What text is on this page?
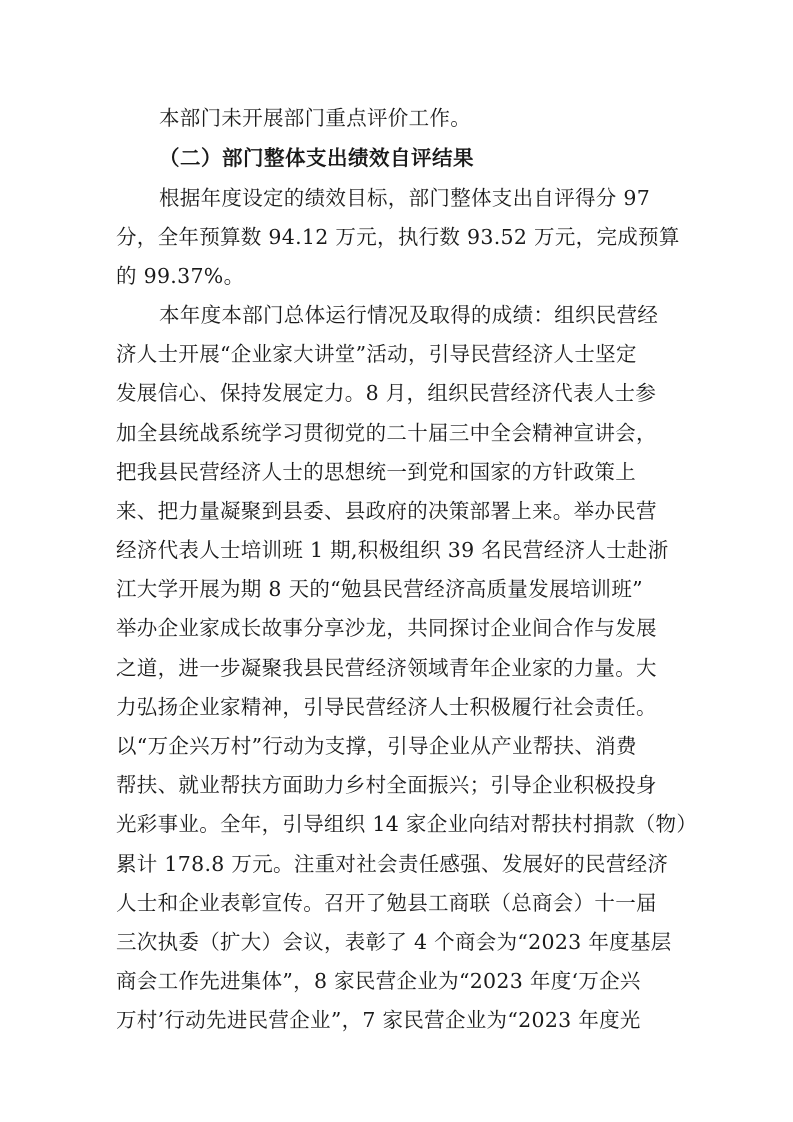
本部门未开展部门重点评价工作。
（二）部门整体支出绩效自评结果
根据年度设定的绩效目标，部门整体支出自评得分 97
分，全年预算数 94.12 万元，执行数 93.52 万元，完成预算
的 99.37%。
本年度本部门总体运行情况及取得的成绩：组织民营经
济人士开展“企业家大讲堂”活动，引导民营经济人士坚定
发展信心、保持发展定力。8 月，组织民营经济代表人士参
加全县统战系统学习贯彻党的二十届三中全会精神宣讲会，
把我县民营经济人士的思想统一到党和国家的方针政策上
来、把力量凝聚到县委、县政府的决策部署上来。举办民营
经济代表人士培训班 1 期,积极组织 39 名民营经济人士赴浙
江大学开展为期 8 天的“勉县民营经济高质量发展培训班”
举办企业家成长故事分享沙龙，共同探讨企业间合作与发展
之道，进一步凝聚我县民营经济领域青年企业家的力量。大
力弘扬企业家精神，引导民营经济人士积极履行社会责任。
以“万企兴万村”行动为支撑，引导企业从产业帮扶、消费
帮扶、就业帮扶方面助力乡村全面振兴；引导企业积极投身
光彩事业。全年，引导组织 14 家企业向结对帮扶村捐款（物）
累计 178.8 万元。注重对社会责任感强、发展好的民营经济
人士和企业表彰宣传。召开了勉县工商联（总商会）十一届
三次执委（扩大）会议，表彰了 4 个商会为“2023 年度基层
商会工作先进集体”，8 家民营企业为“2023 年度‘万企兴
万村’行动先进民营企业”，7 家民营企业为“2023 年度光
